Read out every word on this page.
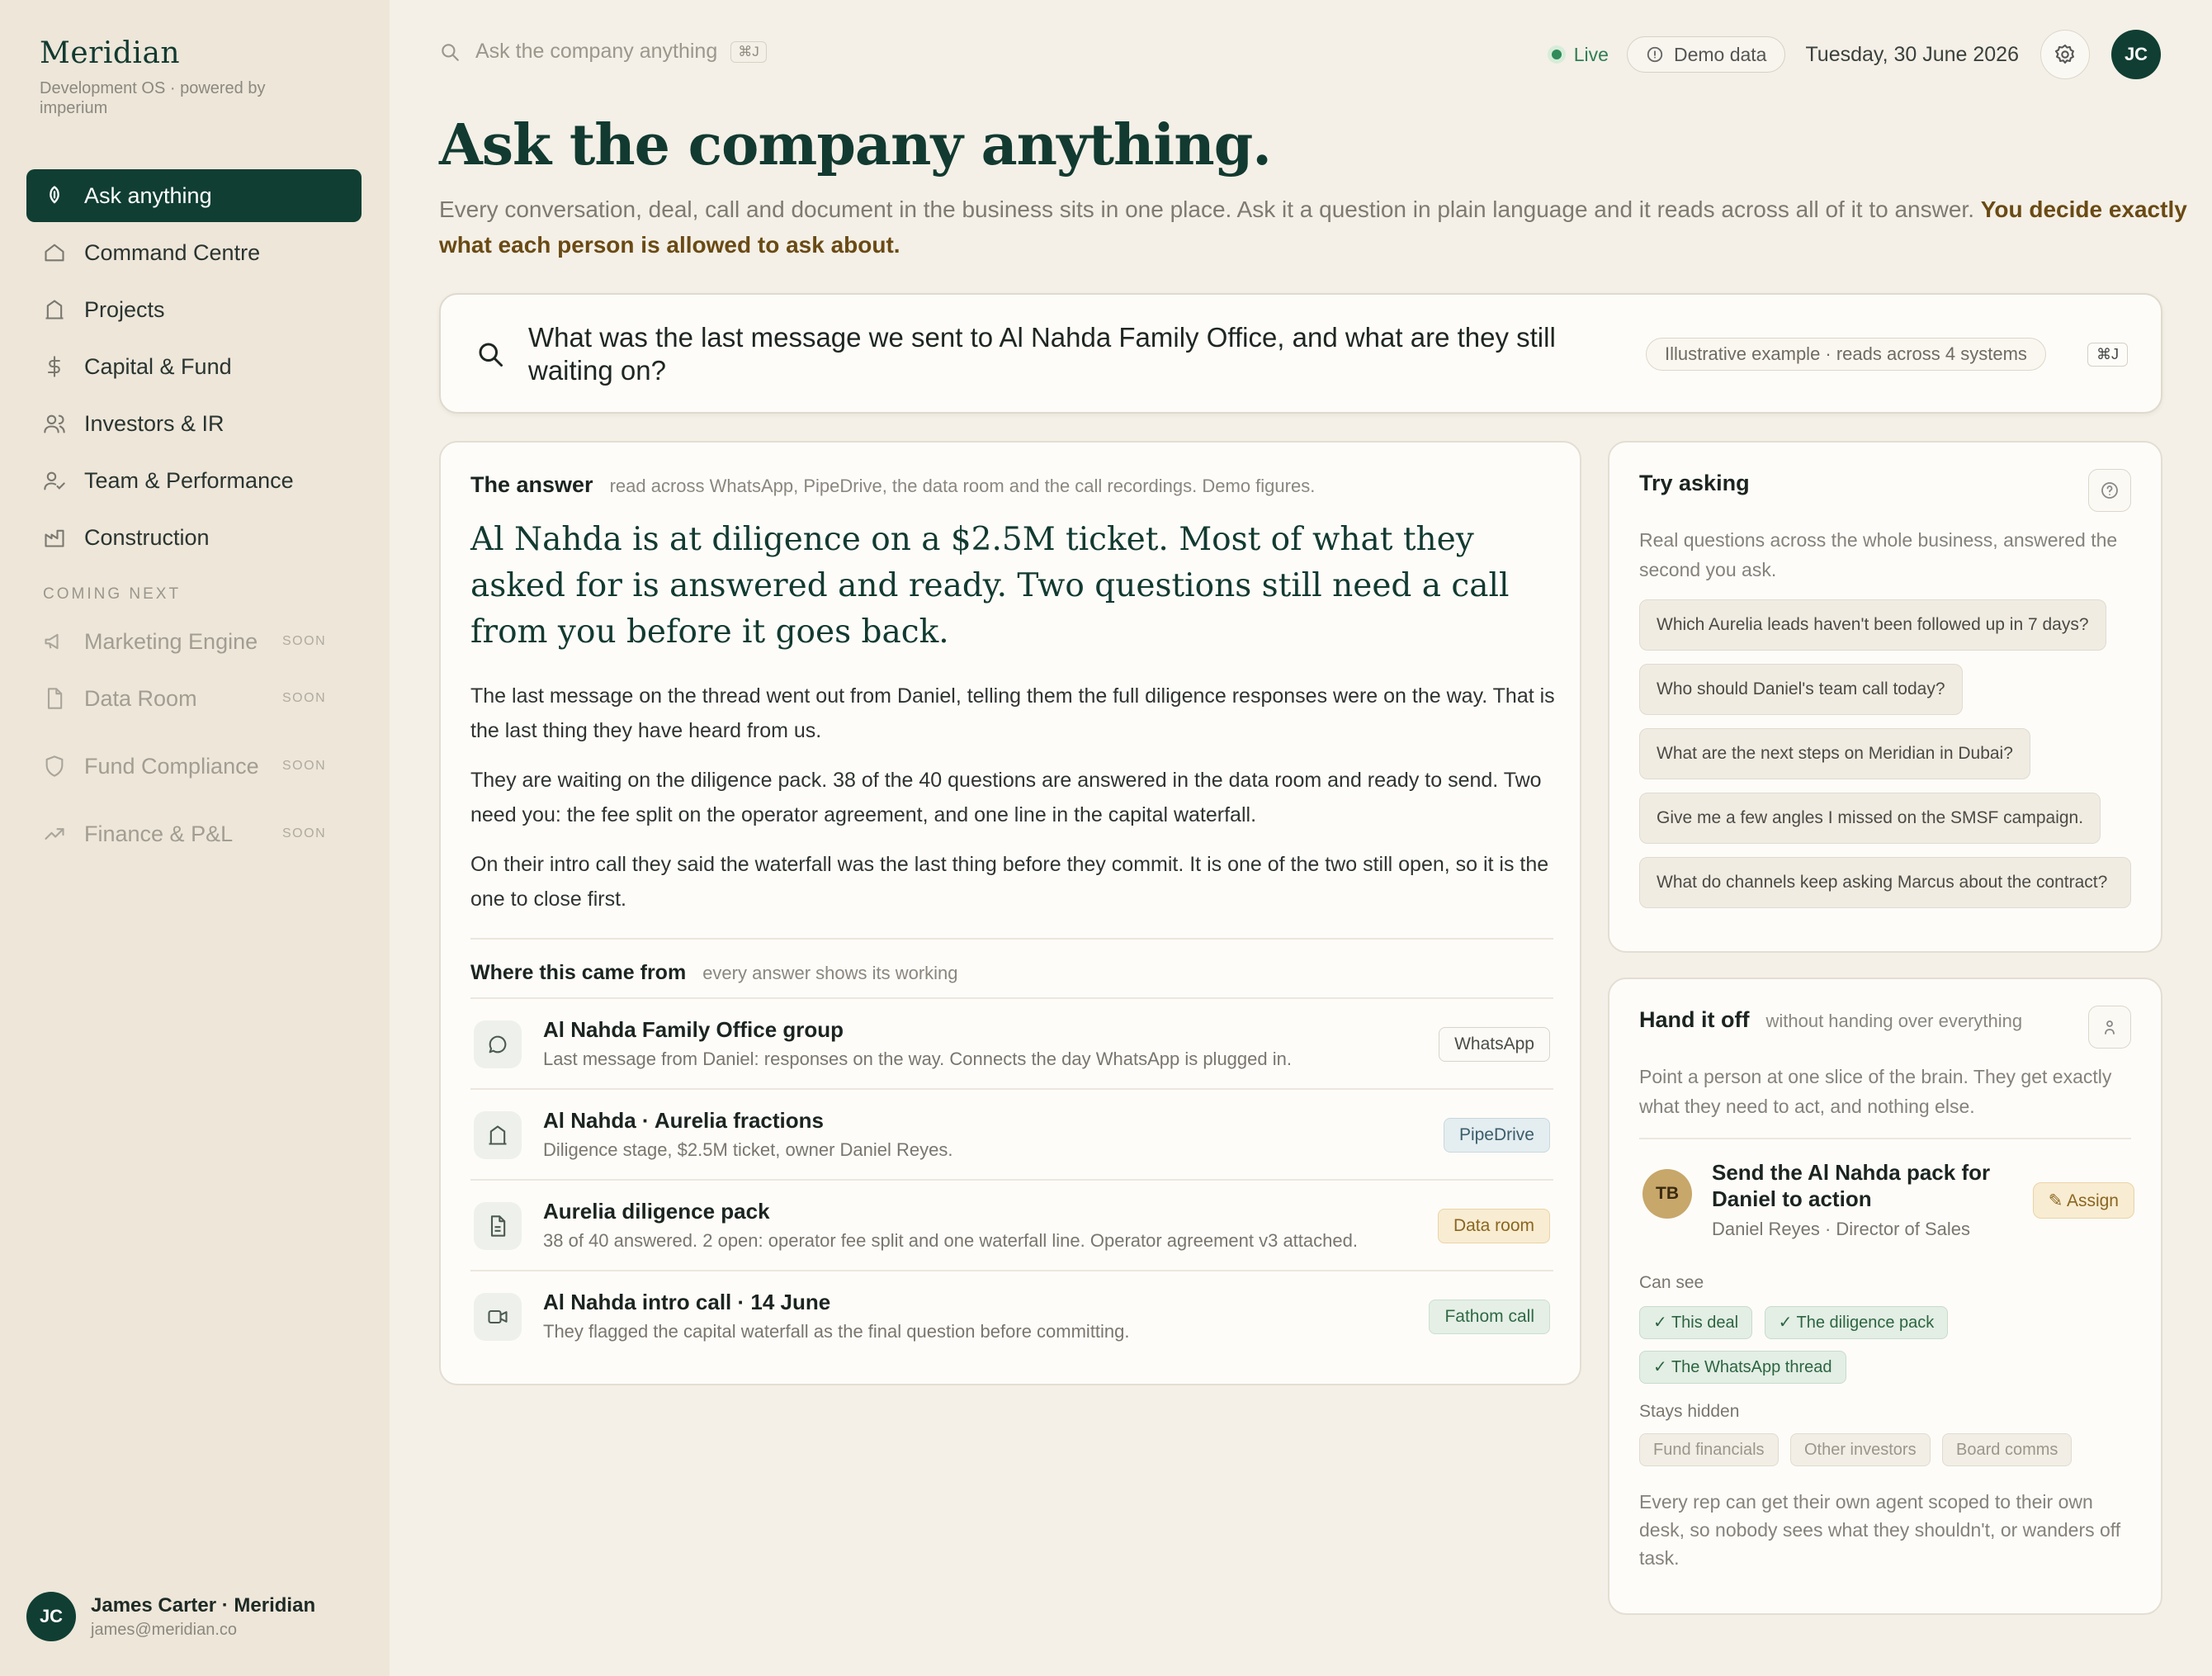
Meridian
Development OS · powered by imperium
Ask anything
Command Centre
Projects
Capital & Fund
Investors & IR
Team & Performance
Construction
COMING NEXT
Marketing Engine	SOON
Data Room	SOON
Fund Compliance	SOON
Finance & P&L	SOON
JC	James Carter · Meridian
james@meridian.co
Ask the company anything	⌘J	Live	Demo data Tuesday, 30 June 2026	JC
Ask the company anything.

Every conversation, deal, call and document in the business sits in one place. Ask it a question in plain language and it reads across all of it to answer. You decide exactly what each person is allowed to ask about.

What was the last message we sent to Al Nahda Family Office, and what are they still waiting on?
Illustrative example · reads across 4 systems	⌘J
The answer read across WhatsApp, PipeDrive, the data room and the call recordings. Demo figures.
Al Nahda is at diligence on a $2.5M ticket. Most of what they asked for is answered and ready. Two questions still need a call from you before it goes back.

The last message on the thread went out from Daniel, telling them the full diligence responses were on the way. That is the last thing they have heard from us.

They are waiting on the diligence pack. 38 of the 40 questions are answered in the data room and ready to send. Two need you: the fee split on the operator agreement, and one line in the capital waterfall.

On their intro call they said the waterfall was the last thing before they commit. It is one of the two still open, so it is the one to close first.

Where this came from every answer shows its working
Al Nahda Family Office group
Last message from Daniel: responses on the way. Connects the day WhatsApp is plugged in.
WhatsApp
Al Nahda · Aurelia fractions
Diligence stage, $2.5M ticket, owner Daniel Reyes.
PipeDrive
Aurelia diligence pack
38 of 40 answered. 2 open: operator fee split and one waterfall line. Operator agreement v3 attached.
Data room
Al Nahda intro call · 14 June
They flagged the capital waterfall as the final question before committing.
Fathom call
Try asking
Real questions across the whole business, answered the second you ask.
Which Aurelia leads haven't been followed up in 7 days? Who should Daniel's team call today? What are the next steps on Meridian in Dubai? Give me a few angles I missed on the SMSF campaign. What do channels keep asking Marcus about the contract?
Hand it off without handing over everything
Point a person at one slice of the brain. They get exactly what they need to act, and nothing else.
TB
Send the Al Nahda pack for Daniel to action
Daniel Reyes · Director of Sales
✎ Assign
Can see
✓ This deal ✓ The diligence pack ✓ The WhatsApp thread
Stays hidden
Fund financials Other investors Board comms
Every rep can get their own agent scoped to their own desk, so nobody sees what they shouldn't, or wanders off task.
